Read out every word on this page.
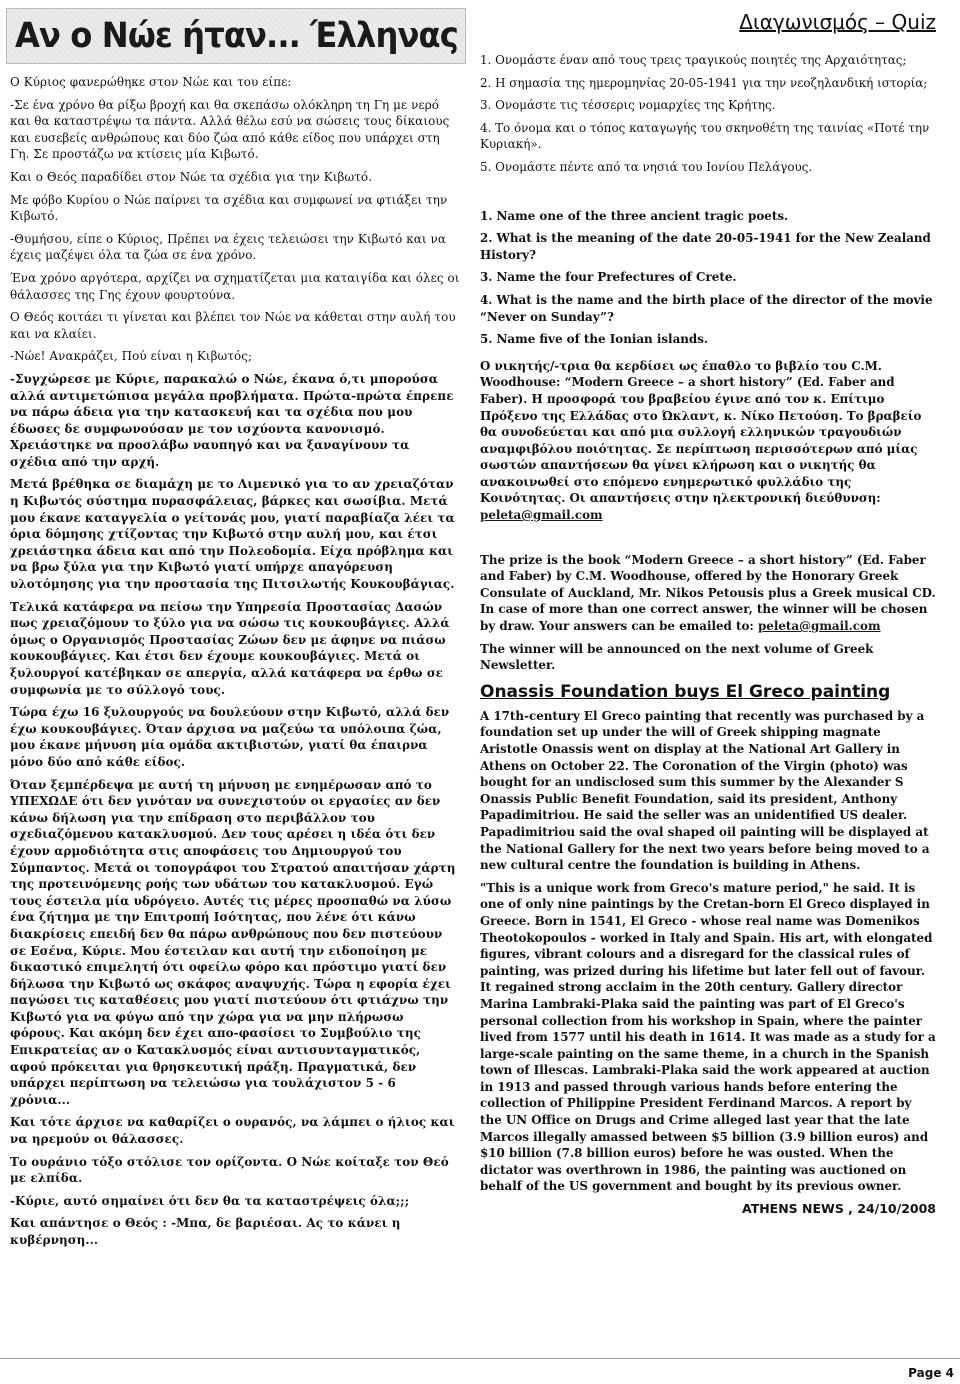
Αν ο Νώε ήταν... Έλληνας

Ο Κύριος φανερώθηκε στον Νώε και του είπε:

-Σε ένα χρόνο θα ρίξω βροχή και θα σκεπάσω ολόκληρη τη Γη με νερό και θα καταστρέψω τα πάντα. Αλλά θέλω εσύ να σώσεις τους δίκαιους και ευσεβείς ανθρώπους και δύο ζώα από κάθε είδος που υπάρχει στη Γη. Σε προστάζω να κτίσεις μία Κιβωτό.

Και ο Θεός παραδίδει στον Νώε τα σχέδια για την Κιβωτό.

Με φόβο Κυρίου ο Νώε παίρνει τα σχέδια και συμφωνεί να φτιάξει την Κιβωτό.

-Θυμήσου, είπε ο Κύριος, Πρέπει να έχεις τελειώσει την Κιβωτό και να έχεις μαζέψει όλα τα ζώα σε ένα χρόνο.

Ένα χρόνο αργότερα, αρχίζει να σχηματίζεται μια καταιγίδα και όλες οι θάλασσες της Γης έχουν φουρτούνα.

Ο Θεός κοιτάει τι γίνεται και βλέπει τον Νώε να κάθεται στην αυλή του και να κλαίει.

-Νώε! Ανακράζει, Πού είναι η Κιβωτός;

-Συγχώρεσε με Κύριε, παρακαλώ ο Νώε, έκανα ό,τι μπορούσα αλλά αντιμετώπισα μεγάλα προβλήματα. Πρώτα-πρώτα έπρεπε να πάρω άδεια για την κατασκευή και τα σχέδια που μου έδωσες δε συμφωνούσαν με τον ισχύοντα κανονισμό. Χρειάστηκε να προσλάβω ναυπηγό και να ξαναγίνουν τα σχέδια από την αρχή.

Μετά βρέθηκα σε διαμάχη με το Λιμενικό για το αν χρειαζόταν η Κιβωτός σύστημα πυρασφάλειας, βάρκες και σωσίβια. Μετά μου έκανε καταγγελία ο γείτονάς μου, γιατί παραβίαζα λέει τα όρια δόμησης χτίζοντας την Κιβωτό στην αυλή μου, και έτσι χρειάστηκα άδεια και από την Πολεοδομία. Είχα πρόβλημα και να βρω ξύλα για την Κιβωτό γιατί υπήρχε απαγόρευση υλοτόμησης για την προστασία της Πιτσιλωτής Κουκουβάγιας.

Τελικά κατάφερα να πείσω την Υπηρεσία Προστασίας Δασών πως χρειαζόμουν το ξύλο για να σώσω τις κουκουβάγιες. Αλλά όμως ο Οργανισμός Προστασίας Ζώων δεν με άφηνε να πιάσω κουκουβάγιες. Και έτσι δεν έχουμε κουκουβάγιες. Μετά οι ξυλουργοί κατέβηκαν σε απεργία, αλλά κατάφερα να έρθω σε συμφωνία με το σύλλογό τους.

Τώρα έχω 16 ξυλουργούς να δουλεύουν στην Κιβωτό, αλλά δεν έχω κουκουβάγιες. Όταν άρχισα να μαζεύω τα υπόλοιπα ζώα, μου έκανε μήνυση μία ομάδα ακτιβιστών, γιατί θα έπαιρνα μόνο δύο από κάθε είδος.

Όταν ξεμπέρδεψα με αυτή τη μήνυση με ενημέρωσαν από το ΥΠΕΧΩΔΕ ότι δεν γινόταν να συνεχιστούν οι εργασίες αν δεν κάνω δήλωση για την επίδραση στο περιβάλλον του σχεδιαζόμενου κατακλυσμού. Δεν τους αρέσει η ιδέα ότι δεν έχουν αρμοδιότητα στις αποφάσεις του Δημιουργού του Σύμπαντος. Μετά οι τοπογράφοι του Στρατού απαιτήσαν χάρτη της προτεινόμενης ροής των υδάτων του κατακλυσμού. Εγώ τους έστειλα μία υδρόγειο. Αυτές τις μέρες προσπαθώ να λύσω ένα ζήτημα με την Επιτροπή Ισότητας, που λένε ότι κάνω διακρίσεις επειδή δεν θα πάρω ανθρώπους που δεν πιστεύουν σε Εσένα, Κύριε. Μου έστειλαν και αυτή την ειδοποίηση με δικαστικό επιμελητή ότι οφείλω φόρο και πρόστιμο γιατί δεν δήλωσα την Κιβωτό ως σκάφος αναψυχής. Τώρα η εφορία έχει παγώσει τις καταθέσεις μου γιατί πιστεύουν ότι φτιάχνω την Κιβωτό για να φύγω από την χώρα για να μην πλήρωσω φόρους. Και ακόμη δεν έχει απο-φασίσει το Συμβούλιο της Επικρατείας αν ο Κατακλυσμός είναι αντισυνταγματικός, αφού πρόκειται για θρησκευτική πράξη. Πραγματικά, δεν υπάρχει περίπτωση να τελειώσω για τουλάχιστον 5 - 6 χρόνια...

Και τότε άρχισε να καθαρίζει ο ουρανός, να λάμπει ο ήλιος και να ηρεμούν οι θάλασσες.

Το ουράνιο τόξο στόλισε τον ορίζοντα. Ο Νώε κοίταξε τον Θεό με ελπίδα.

-Κύριε, αυτό σημαίνει ότι δεν θα τα καταστρέψεις όλα;;;

Και απάντησε ο Θεός : -Μπα, δε βαριέσαι. Ας το κάνει η κυβέρνηση...

Διαγωνισμός – Quiz
1. Ονομάστε έναν από τους τρεις τραγικούς ποιητές της Αρχαιότητας;
2. Η σημασία της ημερομηνίας 20-05-1941 για την νεοζηλανδική ιστορία;
3. Ονομάστε τις τέσσερις νομαρχίες της Κρήτης.
4. Το όνομα και ο τόπος καταγωγής του σκηνοθέτη της ταινίας «Ποτέ την Κυριακή».
5. Ονομάστε πέντε από τα νησιά του Ιονίου Πελάγους.
1. Name one of the three ancient tragic poets.
2. What is the meaning of the date 20-05-1941 for the New Zealand History?
3. Name the four Prefectures of Crete.
4. What is the name and the birth place of the director of the movie “Never on Sunday”?
5. Name five of the Ionian islands.

Ο νικητής/-τρια θα κερδίσει ως έπαθλο το βιβλίο του C.M. Woodhouse: “Modern Greece – a short history” (Ed. Faber and Faber). Η προσφορά του βραβείου έγινε από τον κ. Επίτιμο Πρόξενο της Ελλάδας στο Ώκλαντ, κ. Νίκο Πετούση. Το βραβείο θα συνοδεύεται και από μια συλλογή ελληνικών τραγουδιών αναμφιβόλου ποιότητας. Σε περίπτωση περισσότερων από μίας σωστών απαντήσεων θα γίνει κλήρωση και ο νικητής θα ανακοινωθεί στο επόμενο ενημερωτικό φυλλάδιο της Κοινότητας. Οι απαντήσεις στην ηλεκτρονική διεύθυνση: peleta@gmail.com

The prize is the book “Modern Greece – a short history” (Ed. Faber and Faber) by C.M. Woodhouse, offered by the Honorary Greek Consulate of Auckland, Mr. Nikos Petousis plus a Greek musical CD. In case of more than one correct answer, the winner will be chosen by draw. Your answers can be emailed to: peleta@gmail.com

The winner will be announced on the next volume of Greek Newsletter.

Onassis Foundation buys El Greco painting

A 17th-century El Greco painting that recently was purchased by a foundation set up under the will of Greek shipping magnate Aristotle Onassis went on display at the National Art Gallery in Athens on October 22. The Coronation of the Virgin (photo) was bought for an undisclosed sum this summer by the Alexander S Onassis Public Benefit Foundation, said its president, Anthony Papadimitriou. He said the seller was an unidentified US dealer. Papadimitriou said the oval shaped oil painting will be displayed at the National Gallery for the next two years before being moved to a new cultural centre the foundation is building in Athens.

"This is a unique work from Greco's mature period," he said. It is one of only nine paintings by the Cretan-born El Greco displayed in Greece. Born in 1541, El Greco - whose real name was Domenikos Theotokopoulos - worked in Italy and Spain. His art, with elongated figures, vibrant colours and a disregard for the classical rules of painting, was prized during his lifetime but later fell out of favour. It regained strong acclaim in the 20th century. Gallery director Marina Lambraki-Plaka said the painting was part of El Greco's personal collection from his workshop in Spain, where the painter lived from 1577 until his death in 1614. It was made as a study for a large-scale painting on the same theme, in a church in the Spanish town of Illescas. Lambraki-Plaka said the work appeared at auction in 1913 and passed through various hands before entering the collection of Philippine President Ferdinand Marcos. A report by the UN Office on Drugs and Crime alleged last year that the late Marcos illegally amassed between $5 billion (3.9 billion euros) and $10 billion (7.8 billion euros) before he was ousted. When the dictator was overthrown in 1986, the painting was auctioned on behalf of the US government and bought by its previous owner.

ATHENS NEWS , 24/10/2008
Page 4
